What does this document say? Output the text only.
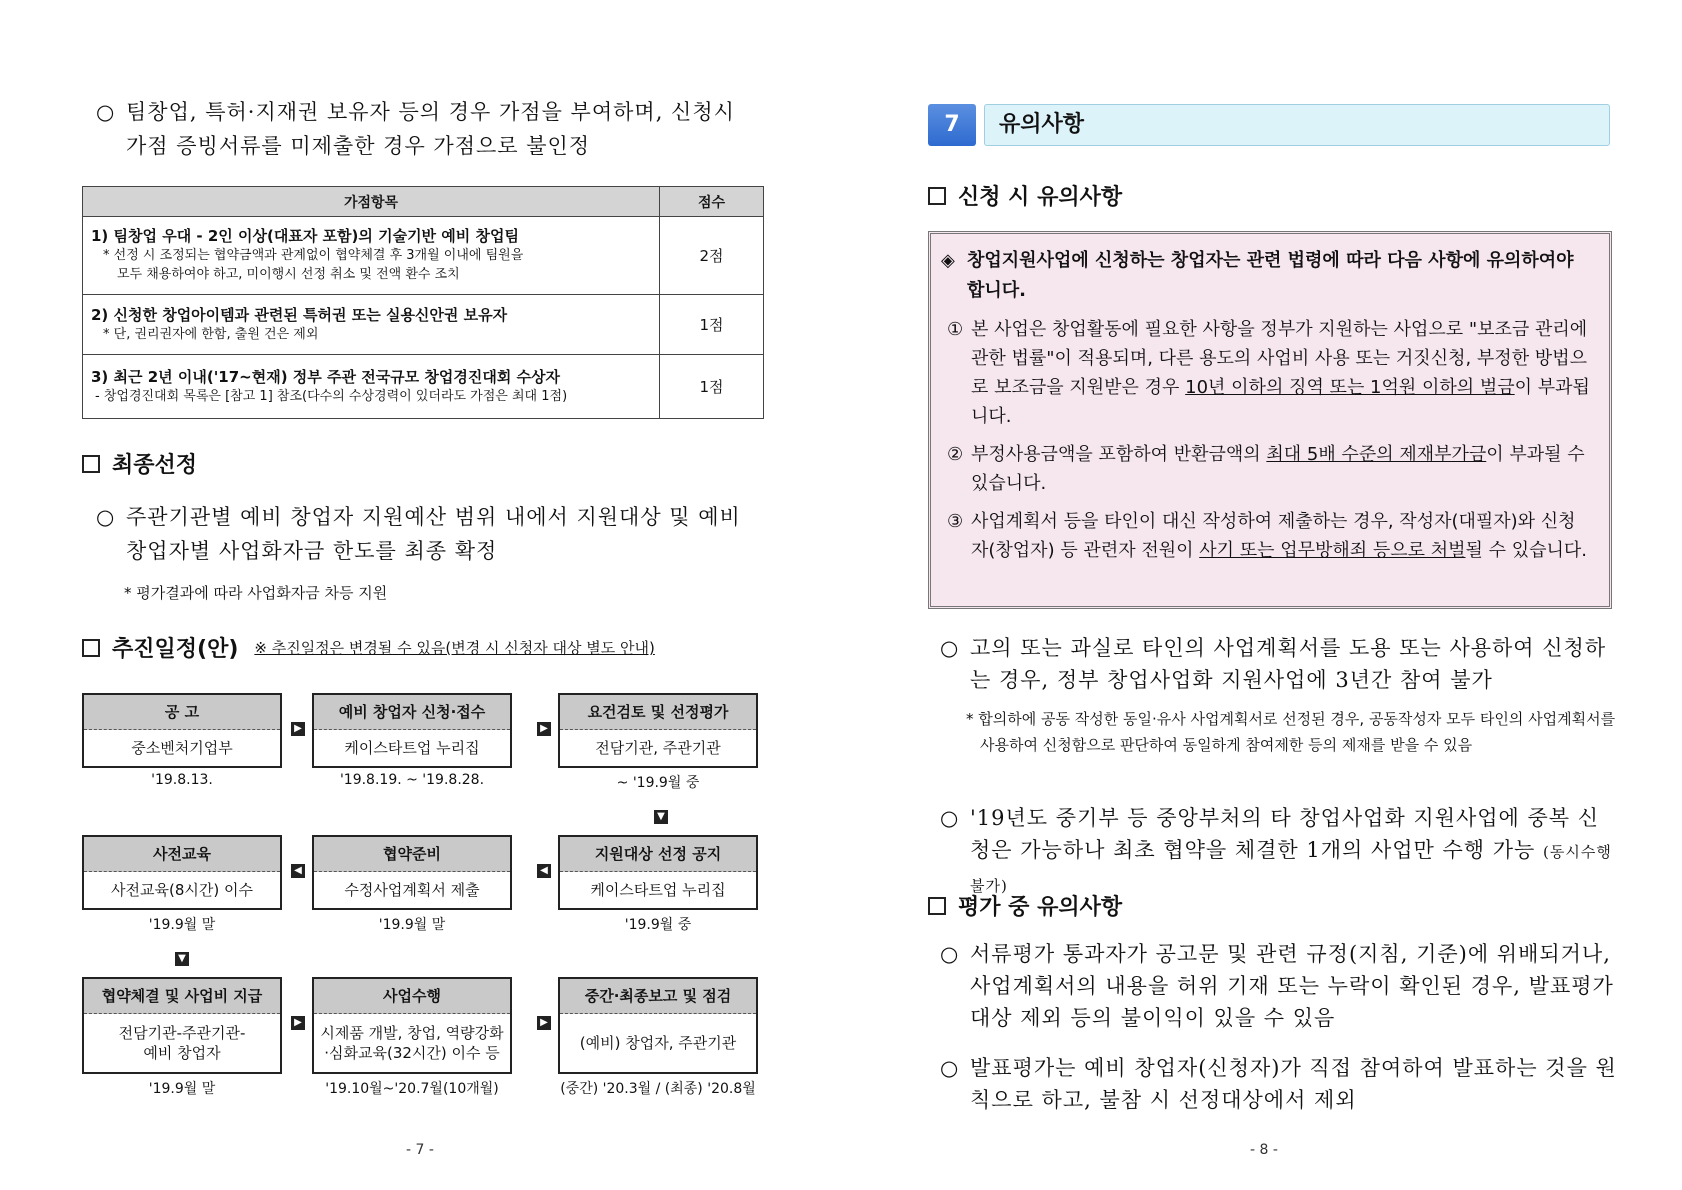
○ 팀창업, 특허·지재권 보유자 등의 경우 가점을 부여하며, 신청시
가점 증빙서류를 미제출한 경우 가점으로 불인정
가점항목	점수

1) 팀창업 우대 - 2인 이상(대표자 포함)의 기술기반 예비 창업팀
* 선정 시 조정되는 협약금액과 관계없이 협약체결 후 3개월 이내에 팀원을
모두 채용하여야 하고, 미이행시 선정 취소 및 전액 환수 조치	2점

2) 신청한 창업아이템과 관련된 특허권 또는 실용신안권 보유자
* 단, 권리권자에 한함, 출원 건은 제외	1점

3) 최근 2년 이내('17~현재) 정부 주관 전국규모 창업경진대회 수상자
- 창업경진대회 목록은 [참고 1] 참조(다수의 수상경력이 있더라도 가점은 최대 1점)	1점
최종선정
○ 주관기관별 예비 창업자 지원예산 범위 내에서 지원대상 및 예비
창업자별 사업화자금 한도를 최종 확정
* 평가결과에 따라 사업화자금 차등 지원
추진일정(안) ※ 추진일정은 변경될 수 있음(변경 시 신청자 대상 별도 안내)
공 고
중소벤처기업부
'19.8.13.
▶
예비 창업자 신청·접수
케이스타트업 누리집
'19.8.19. ~ '19.8.28.
▶
요건검토 및 선정평가
전담기관, 주관기관
~ '19.9월 중
▼
사전교육
사전교육(8시간) 이수
'19.9월 말
◀
협약준비
수정사업계획서 제출
'19.9월 말
◀
지원대상 선정 공지
케이스타트업 누리집
'19.9월 중
▼
협약체결 및 사업비 지급
전담기관-주관기관-
예비 창업자
'19.9월 말
▶
사업수행
시제품 개발, 창업, 역량강화
·심화교육(32시간) 이수 등
'19.10월~'20.7월(10개월)
▶
중간·최종보고 및 점검
(예비) 창업자, 주관기관
(중간) '20.3월 / (최종) '20.8월
- 7 -
7	유의사항
신청 시 유의사항
◈ 창업지원사업에 신청하는 창업자는 관련 법령에 따라 다음 사항에 유의하여야 합니다.
① 본 사업은 창업활동에 필요한 사항을 정부가 지원하는 사업으로 "보조금 관리에 관한 법률"이 적용되며, 다른 용도의 사업비 사용 또는 거짓신청, 부정한 방법으로 보조금을 지원받은 경우 10년 이하의 징역 또는 1억원 이하의 벌금이 부과됩니다.
② 부정사용금액을 포함하여 반환금액의 최대 5배 수준의 제재부가금이 부과될 수 있습니다.
③ 사업계획서 등을 타인이 대신 작성하여 제출하는 경우, 작성자(대필자)와 신청자(창업자) 등 관련자 전원이 사기 또는 업무방해죄 등으로 처벌될 수 있습니다.
○ 고의 또는 과실로 타인의 사업계획서를 도용 또는 사용하여 신청하는 경우, 정부 창업사업화 지원사업에 3년간 참여 불가
* 합의하에 공동 작성한 동일·유사 사업계획서로 선정된 경우, 공동작성자 모두 타인의 사업계획서를 사용하여 신청함으로 판단하여 동일하게 참여제한 등의 제재를 받을 수 있음
○ '19년도 중기부 등 중앙부처의 타 창업사업화 지원사업에 중복 신청은 가능하나 최초 협약을 체결한 1개의 사업만 수행 가능 (동시수행 불가)
평가 중 유의사항
○ 서류평가 통과자가 공고문 및 관련 규정(지침, 기준)에 위배되거나, 사업계획서의 내용을 허위 기재 또는 누락이 확인된 경우, 발표평가대상 제외 등의 불이익이 있을 수 있음
○ 발표평가는 예비 창업자(신청자)가 직접 참여하여 발표하는 것을 원칙으로 하고, 불참 시 선정대상에서 제외
- 8 -
